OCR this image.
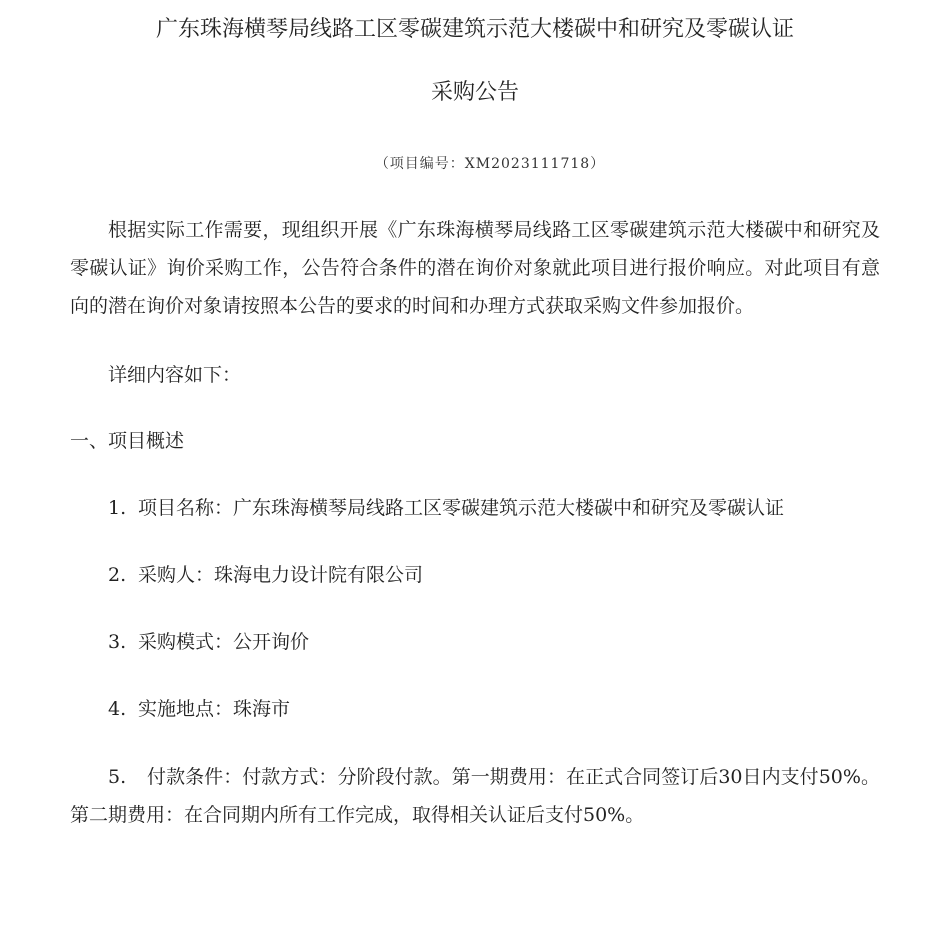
广东珠海横琴局线路工区零碳建筑示范大楼碳中和研究及零碳认证
采购公告
（项目编号：XM2023111718）
根据实际工作需要，现组织开展《广东珠海横琴局线路工区零碳建筑示范大楼碳中和研究及零碳认证》询价采购工作，公告符合条件的潜在询价对象就此项目进行报价响应。对此项目有意向的潜在询价对象请按照本公告的要求的时间和办理方式获取采购文件参加报价。
详细内容如下：
一、项目概述
1. 项目名称：广东珠海横琴局线路工区零碳建筑示范大楼碳中和研究及零碳认证
2. 采购人：珠海电力设计院有限公司
3. 采购模式：公开询价
4. 实施地点：珠海市
5. 付款条件：付款方式：分阶段付款。第一期费用：在正式合同签订后30日内支付50%。第二期费用：在合同期内所有工作完成，取得相关认证后支付50%。
